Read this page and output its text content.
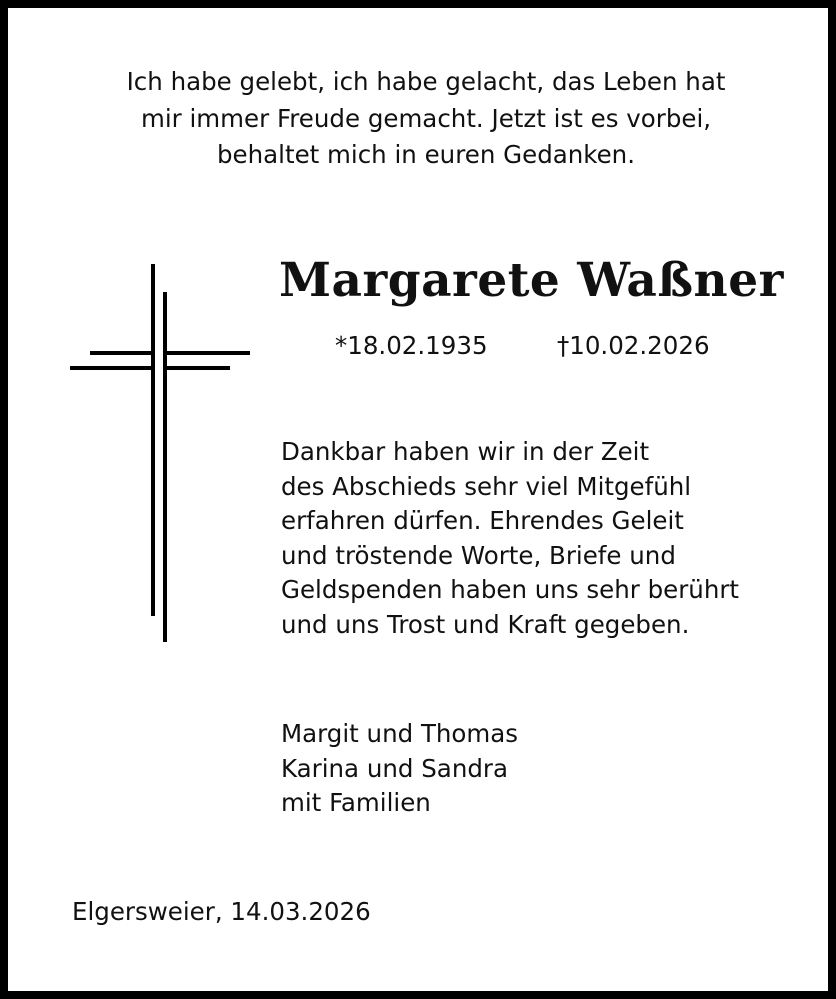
Ich habe gelebt, ich habe gelacht, das Leben hat
mir immer Freude gemacht. Jetzt ist es vorbei,
behaltet mich in euren Gedanken.
Margarete Waßner
*18.02.1935	†10.02.2026
Dankbar haben wir in der Zeit
des Abschieds sehr viel Mitgefühl
erfahren dürfen. Ehrendes Geleit
und tröstende Worte, Briefe und
Geldspenden haben uns sehr berührt
und uns Trost und Kraft gegeben.
Margit und Thomas
Karina und Sandra
mit Familien
Elgersweier, 14.03.2026
